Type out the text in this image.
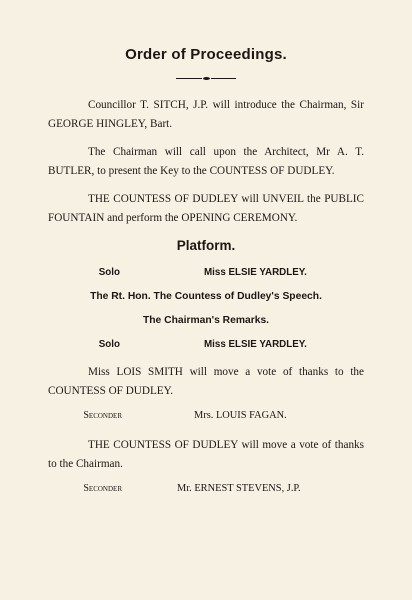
Order of Proceedings.

Councillor T. SITCH, J.P. will introduce the Chairman, Sir GEORGE HINGLEY, Bart.

The Chairman will call upon the Architect, Mr A. T. BUTLER, to present the Key to the COUNTESS OF DUDLEY.

THE COUNTESS OF DUDLEY will UNVEIL the PUBLIC FOUNTAIN and perform the OPENING CEREMONY.

Platform.
Solo	Miss ELSIE YARDLEY.
The Rt. Hon. The Countess of Dudley's Speech.
The Chairman's Remarks.
Solo	Miss ELSIE YARDLEY.

Miss LOIS SMITH will move a vote of thanks to the COUNTESS OF DUDLEY.

Seconder	Mrs. LOUIS FAGAN.

THE COUNTESS OF DUDLEY will move a vote of thanks to the Chairman.

Seconder	Mr. ERNEST STEVENS, J.P.
